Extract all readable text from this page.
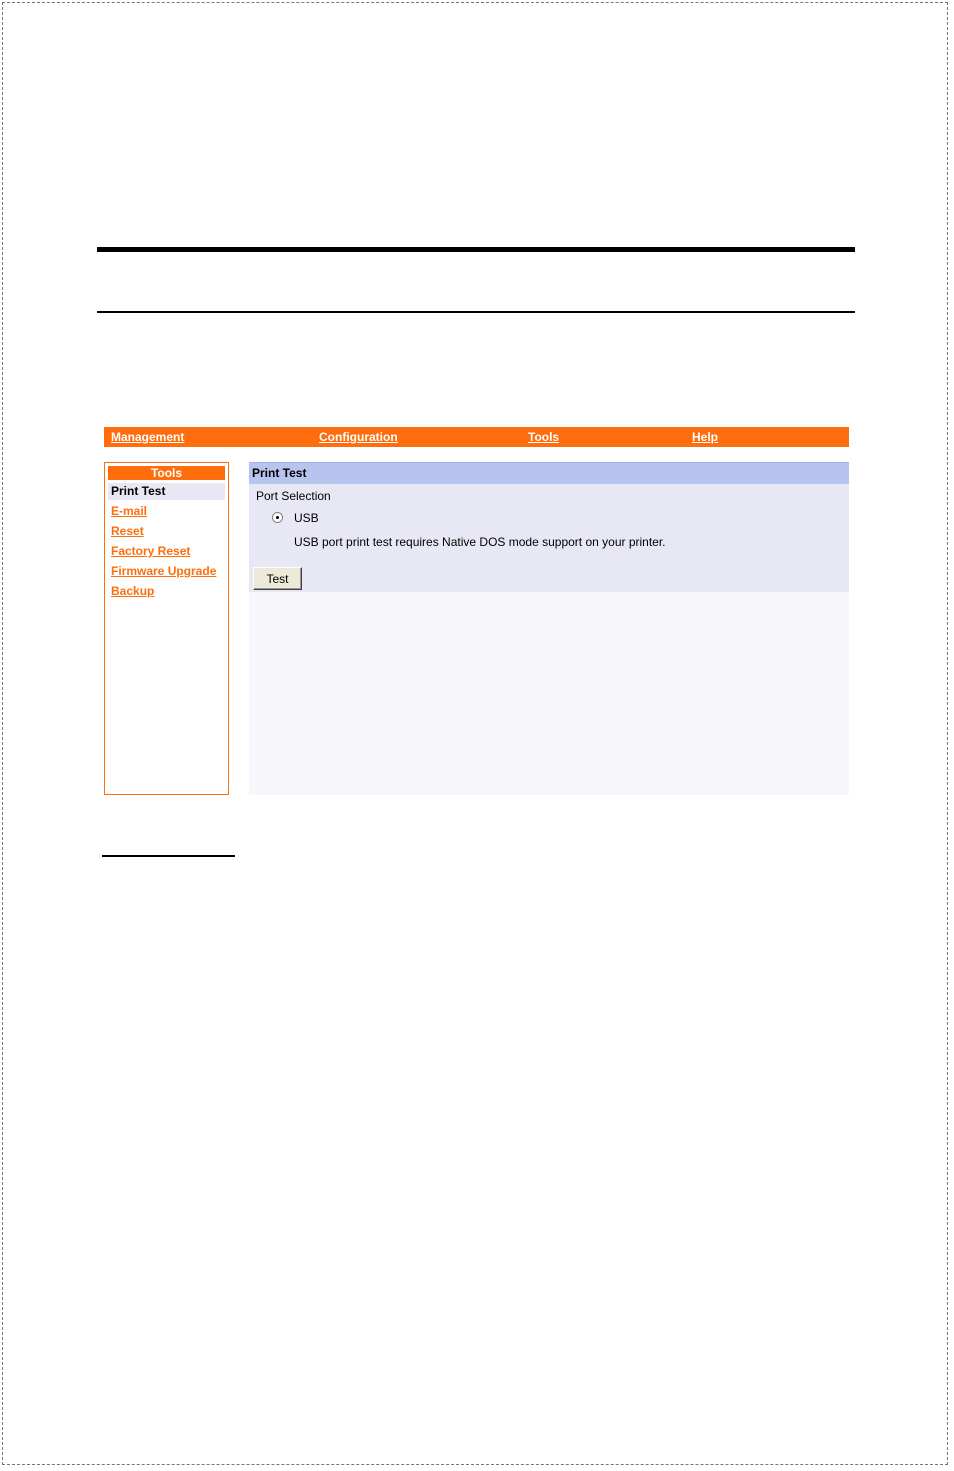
Management	Configuration	Tools	Help
Tools
Print Test
E-mail
Reset
Factory Reset
Firmware Upgrade
Backup
Print Test
Port Selection
USB
USB port print test requires Native DOS mode support on your printer.
Test
